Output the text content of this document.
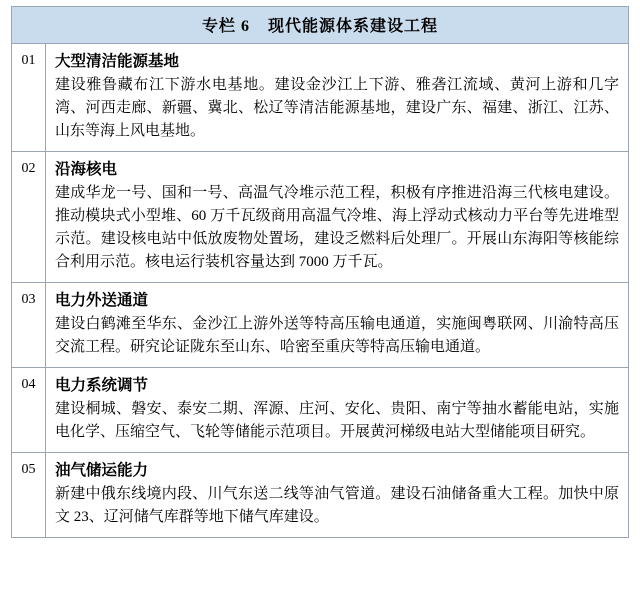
专栏 6 现代能源体系建设工程
01	大型清洁能源基地

建设雅鲁藏布江下游水电基地。建设金沙江上下游、雅砻江流域、黄河上游和几字湾、河西走廊、新疆、冀北、松辽等清洁能源基地，建设广东、福建、浙江、江苏、山东等海上风电基地。

02	沿海核电

建成华龙一号、国和一号、高温气冷堆示范工程，积极有序推进沿海三代核电建设。推动模块式小型堆、60 万千瓦级商用高温气冷堆、海上浮动式核动力平台等先进堆型示范。建设核电站中低放废物处置场，建设乏燃料后处理厂。开展山东海阳等核能综合利用示范。核电运行装机容量达到 7000 万千瓦。

03	电力外送通道

建设白鹤滩至华东、金沙江上游外送等特高压输电通道，实施闽粤联网、川渝特高压交流工程。研究论证陇东至山东、哈密至重庆等特高压输电通道。

04	电力系统调节

建设桐城、磐安、泰安二期、浑源、庄河、安化、贵阳、南宁等抽水蓄能电站，实施电化学、压缩空气、飞轮等储能示范项目。开展黄河梯级电站大型储能项目研究。

05	油气储运能力

新建中俄东线境内段、川气东送二线等油气管道。建设石油储备重大工程。加快中原文 23、辽河储气库群等地下储气库建设。
